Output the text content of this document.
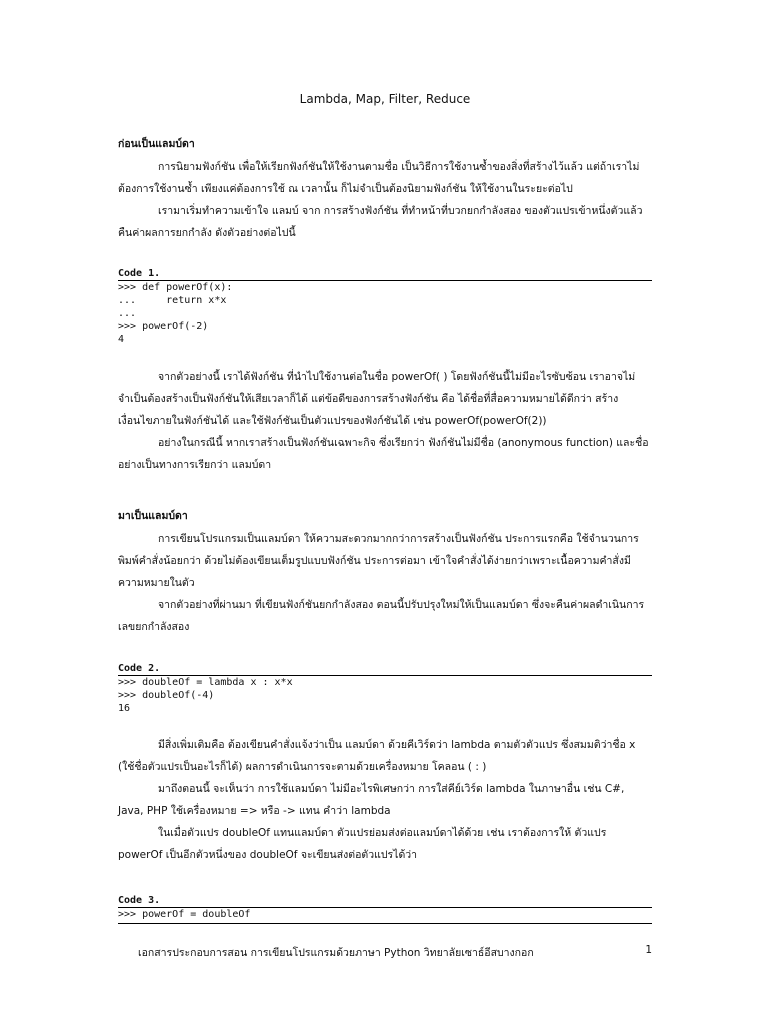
Lambda, Map, Filter, Reduce
ก่อนเป็นแลมบ์ดา

การนิยามฟังก์ชัน เพื่อให้เรียกฟังก์ชันให้ใช้งานตามชื่อ เป็นวิธีการใช้งานซ้ำของสิ่งที่สร้างไว้แล้ว แต่ถ้าเราไม่ต้องการใช้งานซ้ำ เพียงแค่ต้องการใช้ ณ เวลานั้น ก็ไม่จำเป็นต้องนิยามฟังก์ชัน ให้ใช้งานในระยะต่อไป

เรามาเริ่มทำความเข้าใจ แลมบ์ จาก การสร้างฟังก์ชัน ที่ทำหน้าที่บวกยกกำลังสอง ของตัวแปรเข้าหนึ่งตัวแล้วคืนค่าผลการยกกำลัง ดังตัวอย่างต่อไปนี้

Code 1.
>>> def powerOf(x):
...     return x*x
...
>>> powerOf(-2)
4

จากตัวอย่างนี้ เราได้ฟังก์ชัน ที่นำไปใช้งานต่อในชื่อ powerOf( ) โดยฟังก์ชันนี้ไม่มีอะไรซับซ้อน เราอาจไม่จำเป็นต้องสร้างเป็นฟังก์ชันให้เสียเวลาก็ได้ แต่ข้อดีของการสร้างฟังก์ชัน คือ ได้ชื่อที่สื่อความหมายได้ดีกว่า สร้างเงื่อนไขภายในฟังก์ชันได้ และใช้ฟังก์ชันเป็นตัวแปรของฟังก์ชันได้ เช่น powerOf(powerOf(2))

อย่างในกรณีนี้ หากเราสร้างเป็นฟังก์ชันเฉพาะกิจ ซึ่งเรียกว่า ฟังก์ชันไม่มีชื่อ (anonymous function) และชื่ออย่างเป็นทางการเรียกว่า แลมบ์ดา

มาเป็นแลมบ์ดา

การเขียนโปรแกรมเป็นแลมบ์ดา ให้ความสะดวกมากกว่าการสร้างเป็นฟังก์ชัน ประการแรกคือ ใช้จำนวนการพิมพ์คำสั่งน้อยกว่า ด้วยไม่ต้องเขียนเต็มรูปแบบฟังก์ชัน ประการต่อมา เข้าใจคำสั่งได้ง่ายกว่าเพราะเนื้อความคำสั่งมีความหมายในตัว

จากตัวอย่างที่ผ่านมา ที่เขียนฟังก์ชันยกกำลังสอง ตอนนี้ปรับปรุงใหม่ให้เป็นแลมบ์ดา ซึ่งจะคืนค่าผลดำเนินการเลขยกกำลังสอง

Code 2.
>>> doubleOf = lambda x : x*x
>>> doubleOf(-4)
16

มีสิ่งเพิ่มเติมคือ ต้องเขียนคำสั่งแจ้งว่าเป็น แลมบ์ดา ด้วยคีเวิร์ดว่า lambda ตามตัวตัวแปร ซึ่งสมมติว่าชื่อ x (ใช้ชื่อตัวแปรเป็นอะไรก็ได้) ผลการดำเนินการจะตามด้วยเครื่องหมาย โคลอน ( : )

มาถึงตอนนี้ จะเห็นว่า การใช้แลมบ์ดา ไม่มีอะไรพิเศษกว่า การใส่คีย์เวิร์ด lambda ในภาษาอื่น เช่น C#, Java, PHP ใช้เครื่องหมาย => หรือ -> แทน คำว่า lambda

ในเมื่อตัวแปร doubleOf แทนแลมบ์ดา ตัวแปรย่อมส่งต่อแลมบ์ดาได้ด้วย เช่น เราต้องการให้ ตัวแปร powerOf เป็นอีกตัวหนึ่งของ doubleOf จะเขียนส่งต่อตัวแปรได้ว่า

Code 3.
>>> powerOf = doubleOf
เอกสารประกอบการสอน การเขียนโปรแกรมด้วยภาษา Python วิทยาลัยเซาธ์อีสบางกอก	1
